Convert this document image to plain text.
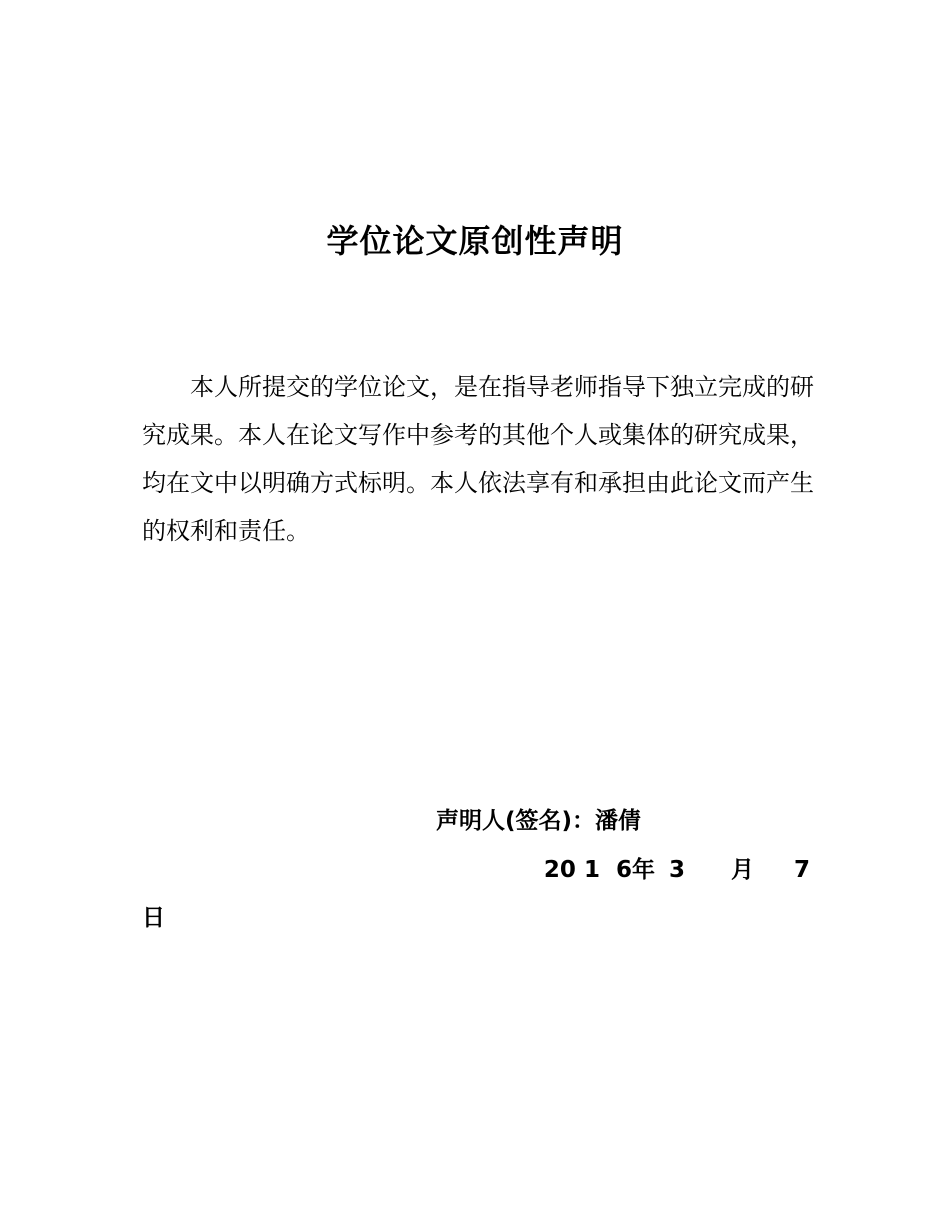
学位论文原创性声明

本人所提交的学位论文，是在指导老师指导下独立完成的研究成果。本人在论文写作中参考的其他个人或集体的研究成果，均在文中以明确方式标明。本人依法享有和承担由此论文而产生的权利和责任。

声明人(签名)：潘倩
20 1 6年 3 月 7
日
